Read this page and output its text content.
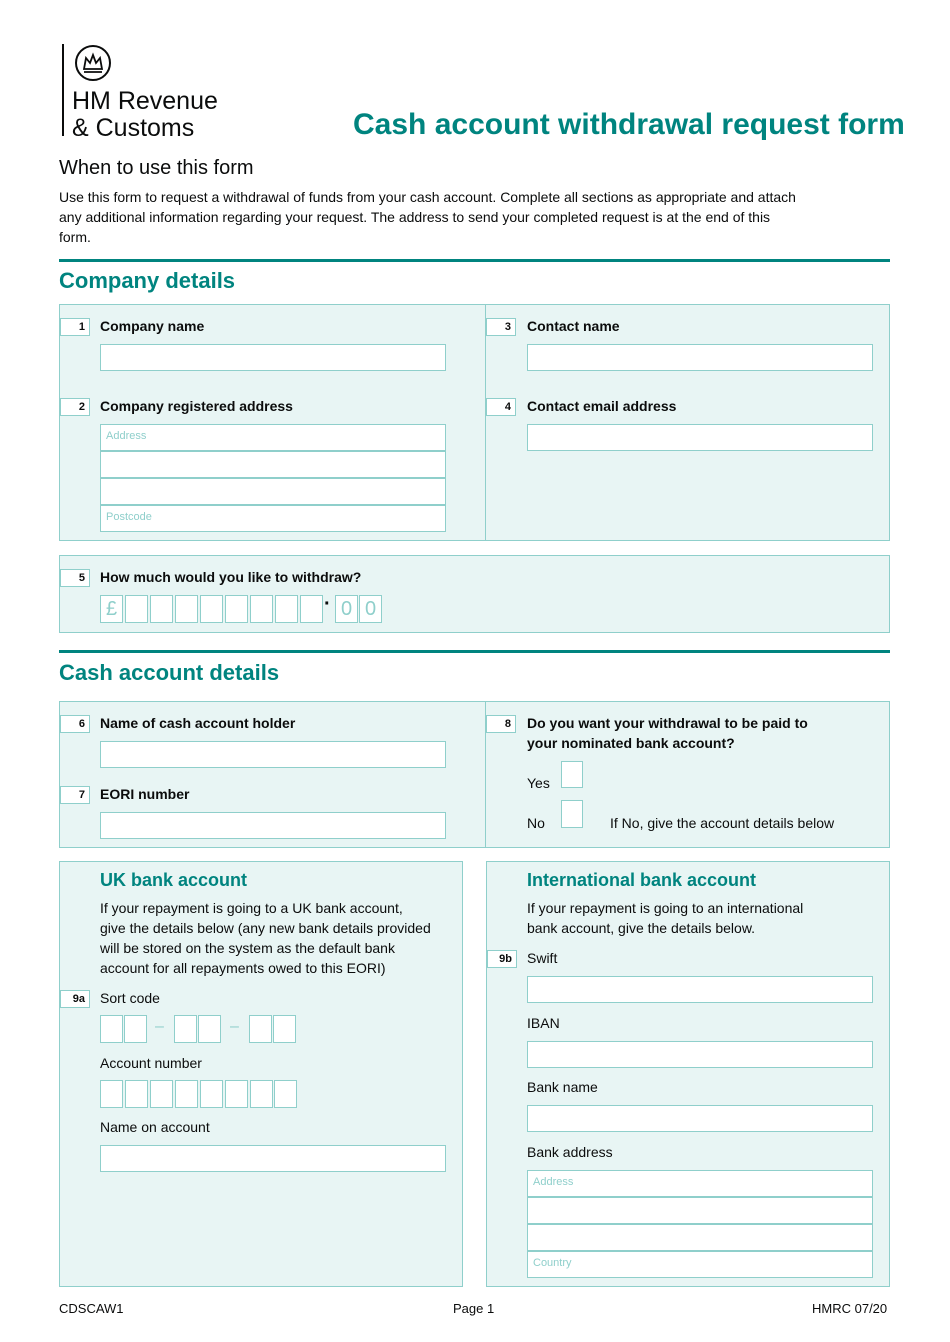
HM Revenue
& Customs	Cash account withdrawal request form
When to use this form
Use this form to request a withdrawal of funds from your cash account. Complete all sections as appropriate and attach any additional information regarding your request. The address to send your completed request is at the end of this form.
Company details
1	Company name
2	Company registered address
Address
Postcode
3	Contact name
4	Contact email address
5	How much would you like to withdraw?
£	· 0 0
Cash account details
6	Name of cash account holder
7	EORI number
8	Do you want your withdrawal to be paid to
your nominated bank account?
Yes
No	If No, give the account details below
UK bank account
If your repayment is going to a UK bank account,
give the details below (any new bank details provided
will be stored on the system as the default bank
account for all repayments owed to this EORI)
9a	Sort code
–	–
Account number
Name on account
International bank account
If your repayment is going to an international
bank account, give the details below.
9b	Swift
IBAN
Bank name
Bank address
Address
Country
CDSCAW1	Page 1	HMRC 07/20
